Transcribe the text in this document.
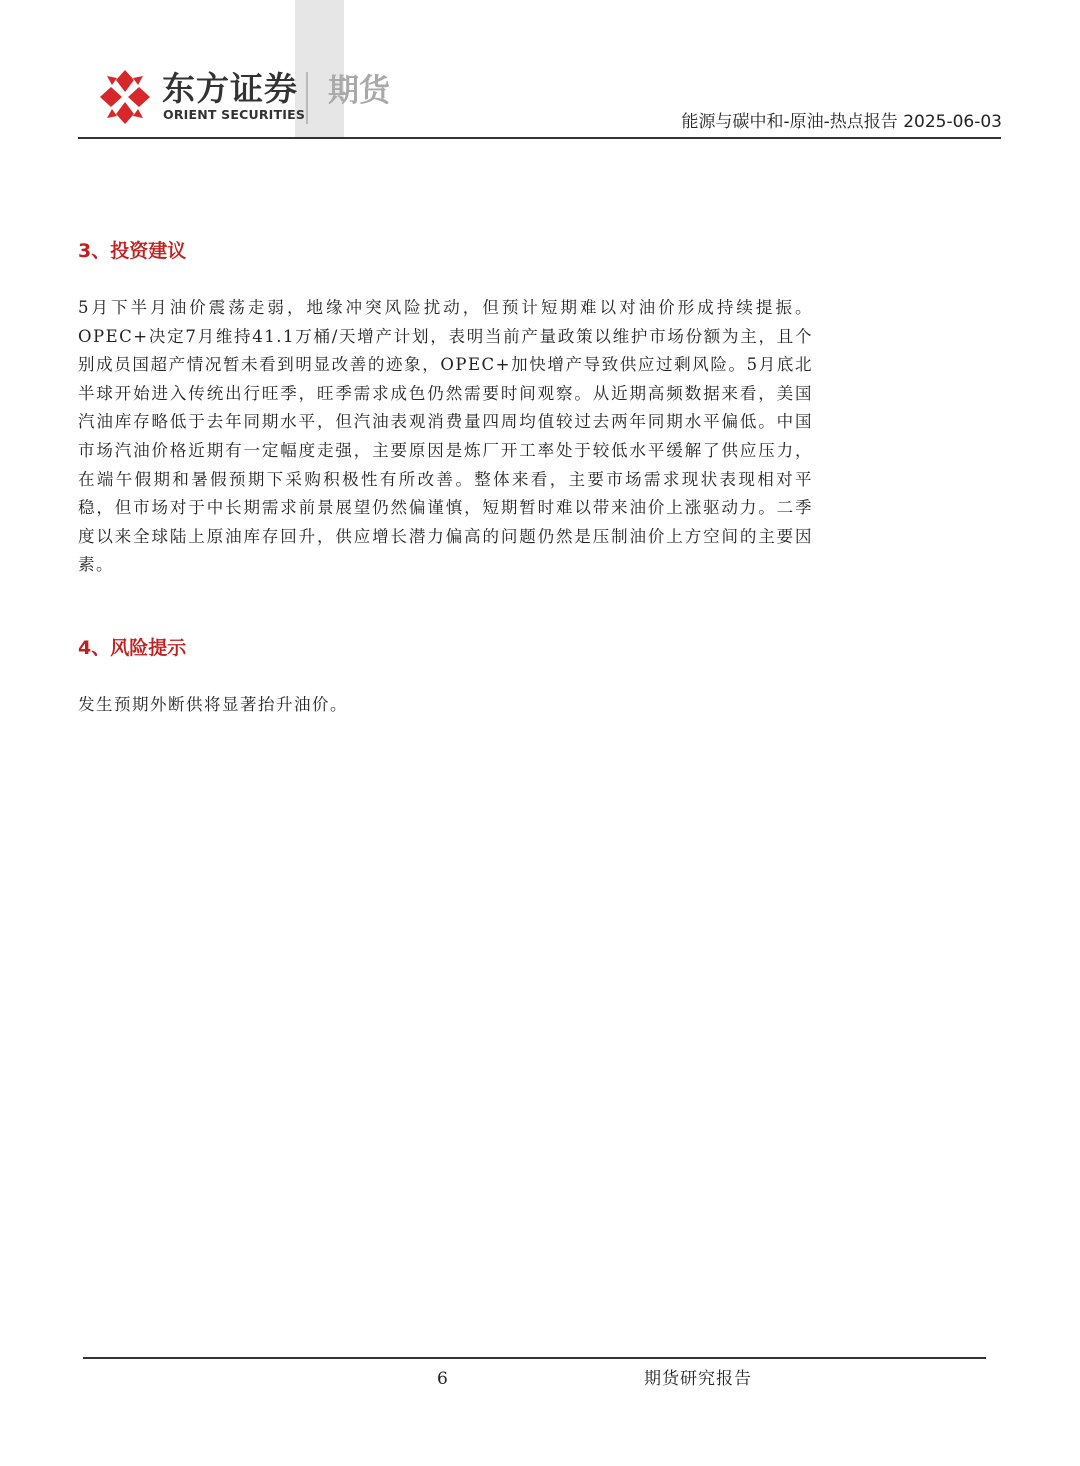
东方证券
ORIENT SECURITIES
期货
能源与碳中和-原油-热点报告 2025-06-03
3、投资建议

5月下半月油价震荡走弱，地缘冲突风险扰动，但预计短期难以对油价形成持续提振。OPEC+决定7月维持41.1万桶/天增产计划，表明当前产量政策以维护市场份额为主，且个别成员国超产情况暂未看到明显改善的迹象，OPEC+加快增产导致供应过剩风险。5月底北半球开始进入传统出行旺季，旺季需求成色仍然需要时间观察。从近期高频数据来看，美国汽油库存略低于去年同期水平，但汽油表观消费量四周均值较过去两年同期水平偏低。中国市场汽油价格近期有一定幅度走强，主要原因是炼厂开工率处于较低水平缓解了供应压力，在端午假期和暑假预期下采购积极性有所改善。整体来看，主要市场需求现状表现相对平稳，但市场对于中长期需求前景展望仍然偏谨慎，短期暂时难以带来油价上涨驱动力。二季度以来全球陆上原油库存回升，供应增长潜力偏高的问题仍然是压制油价上方空间的主要因素。

4、风险提示

发生预期外断供将显著抬升油价。

6	期货研究报告
